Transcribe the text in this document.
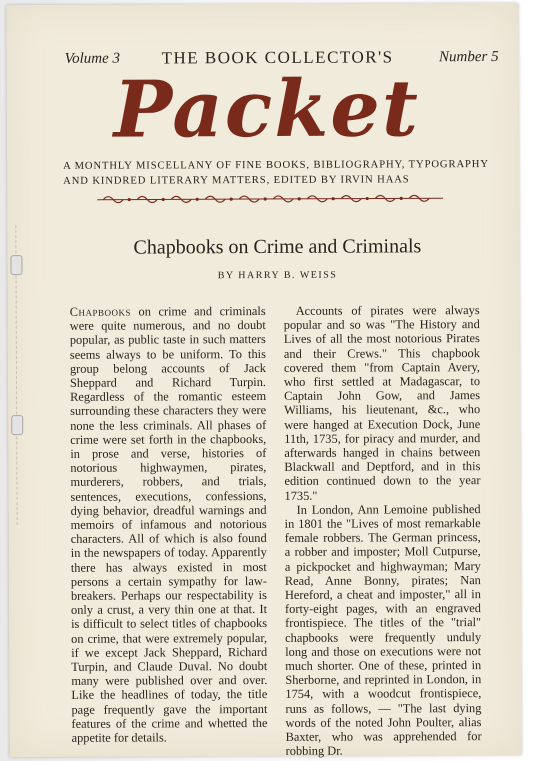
Volume 3	THE BOOK COLLECTOR'S	Number 5
Packet
A MONTHLY MISCELLANY OF FINE BOOKS, BIBLIOGRAPHY, TYPOGRAPHY AND KINDRED LITERARY MATTERS, EDITED BY IRVIN HAAS
Chapbooks on Crime and Criminals
BY HARRY B. WEISS

Chapbooks on crime and criminals were quite numerous, and no doubt popular, as public taste in such matters seems always to be uniform. To this group belong accounts of Jack Sheppard and Richard Turpin. Regardless of the romantic esteem surrounding these characters they were none the less criminals. All phases of crime were set forth in the chapbooks, in prose and verse, histories of notorious highwaymen, pirates, murderers, robbers, and trials, sentences, executions, confessions, dying behavior, dreadful warnings and memoirs of infamous and notorious characters. All of which is also found in the newspapers of today. Apparently there has always existed in most persons a certain sympathy for law-breakers. Perhaps our respectability is only a crust, a very thin one at that. It is difficult to select titles of chapbooks on crime, that were extremely popular, if we except Jack Sheppard, Richard Turpin, and Claude Duval. No doubt many were published over and over. Like the headlines of today, the title page frequently gave the important features of the crime and whetted the appetite for details.

Accounts of pirates were always popular and so was "The History and Lives of all the most notorious Pirates and their Crews." This chapbook covered them "from Captain Avery, who first settled at Madagascar, to Captain John Gow, and James Williams, his lieutenant, &c., who were hanged at Execution Dock, June 11th, 1735, for piracy and murder, and afterwards hanged in chains between Blackwall and Deptford, and in this edition continued down to the year 1735."

In London, Ann Lemoine published in 1801 the "Lives of most remarkable female robbers. The German princess, a robber and imposter; Moll Cutpurse, a pickpocket and highwayman; Mary Read, Anne Bonny, pirates; Nan Hereford, a cheat and imposter," all in forty-eight pages, with an engraved frontispiece. The titles of the "trial" chapbooks were frequently unduly long and those on executions were not much shorter. One of these, printed in Sherborne, and reprinted in London, in 1754, with a woodcut frontispiece, runs as follows, — "The last dying words of the noted John Poulter, alias Baxter, who was apprehended for robbing Dr.
